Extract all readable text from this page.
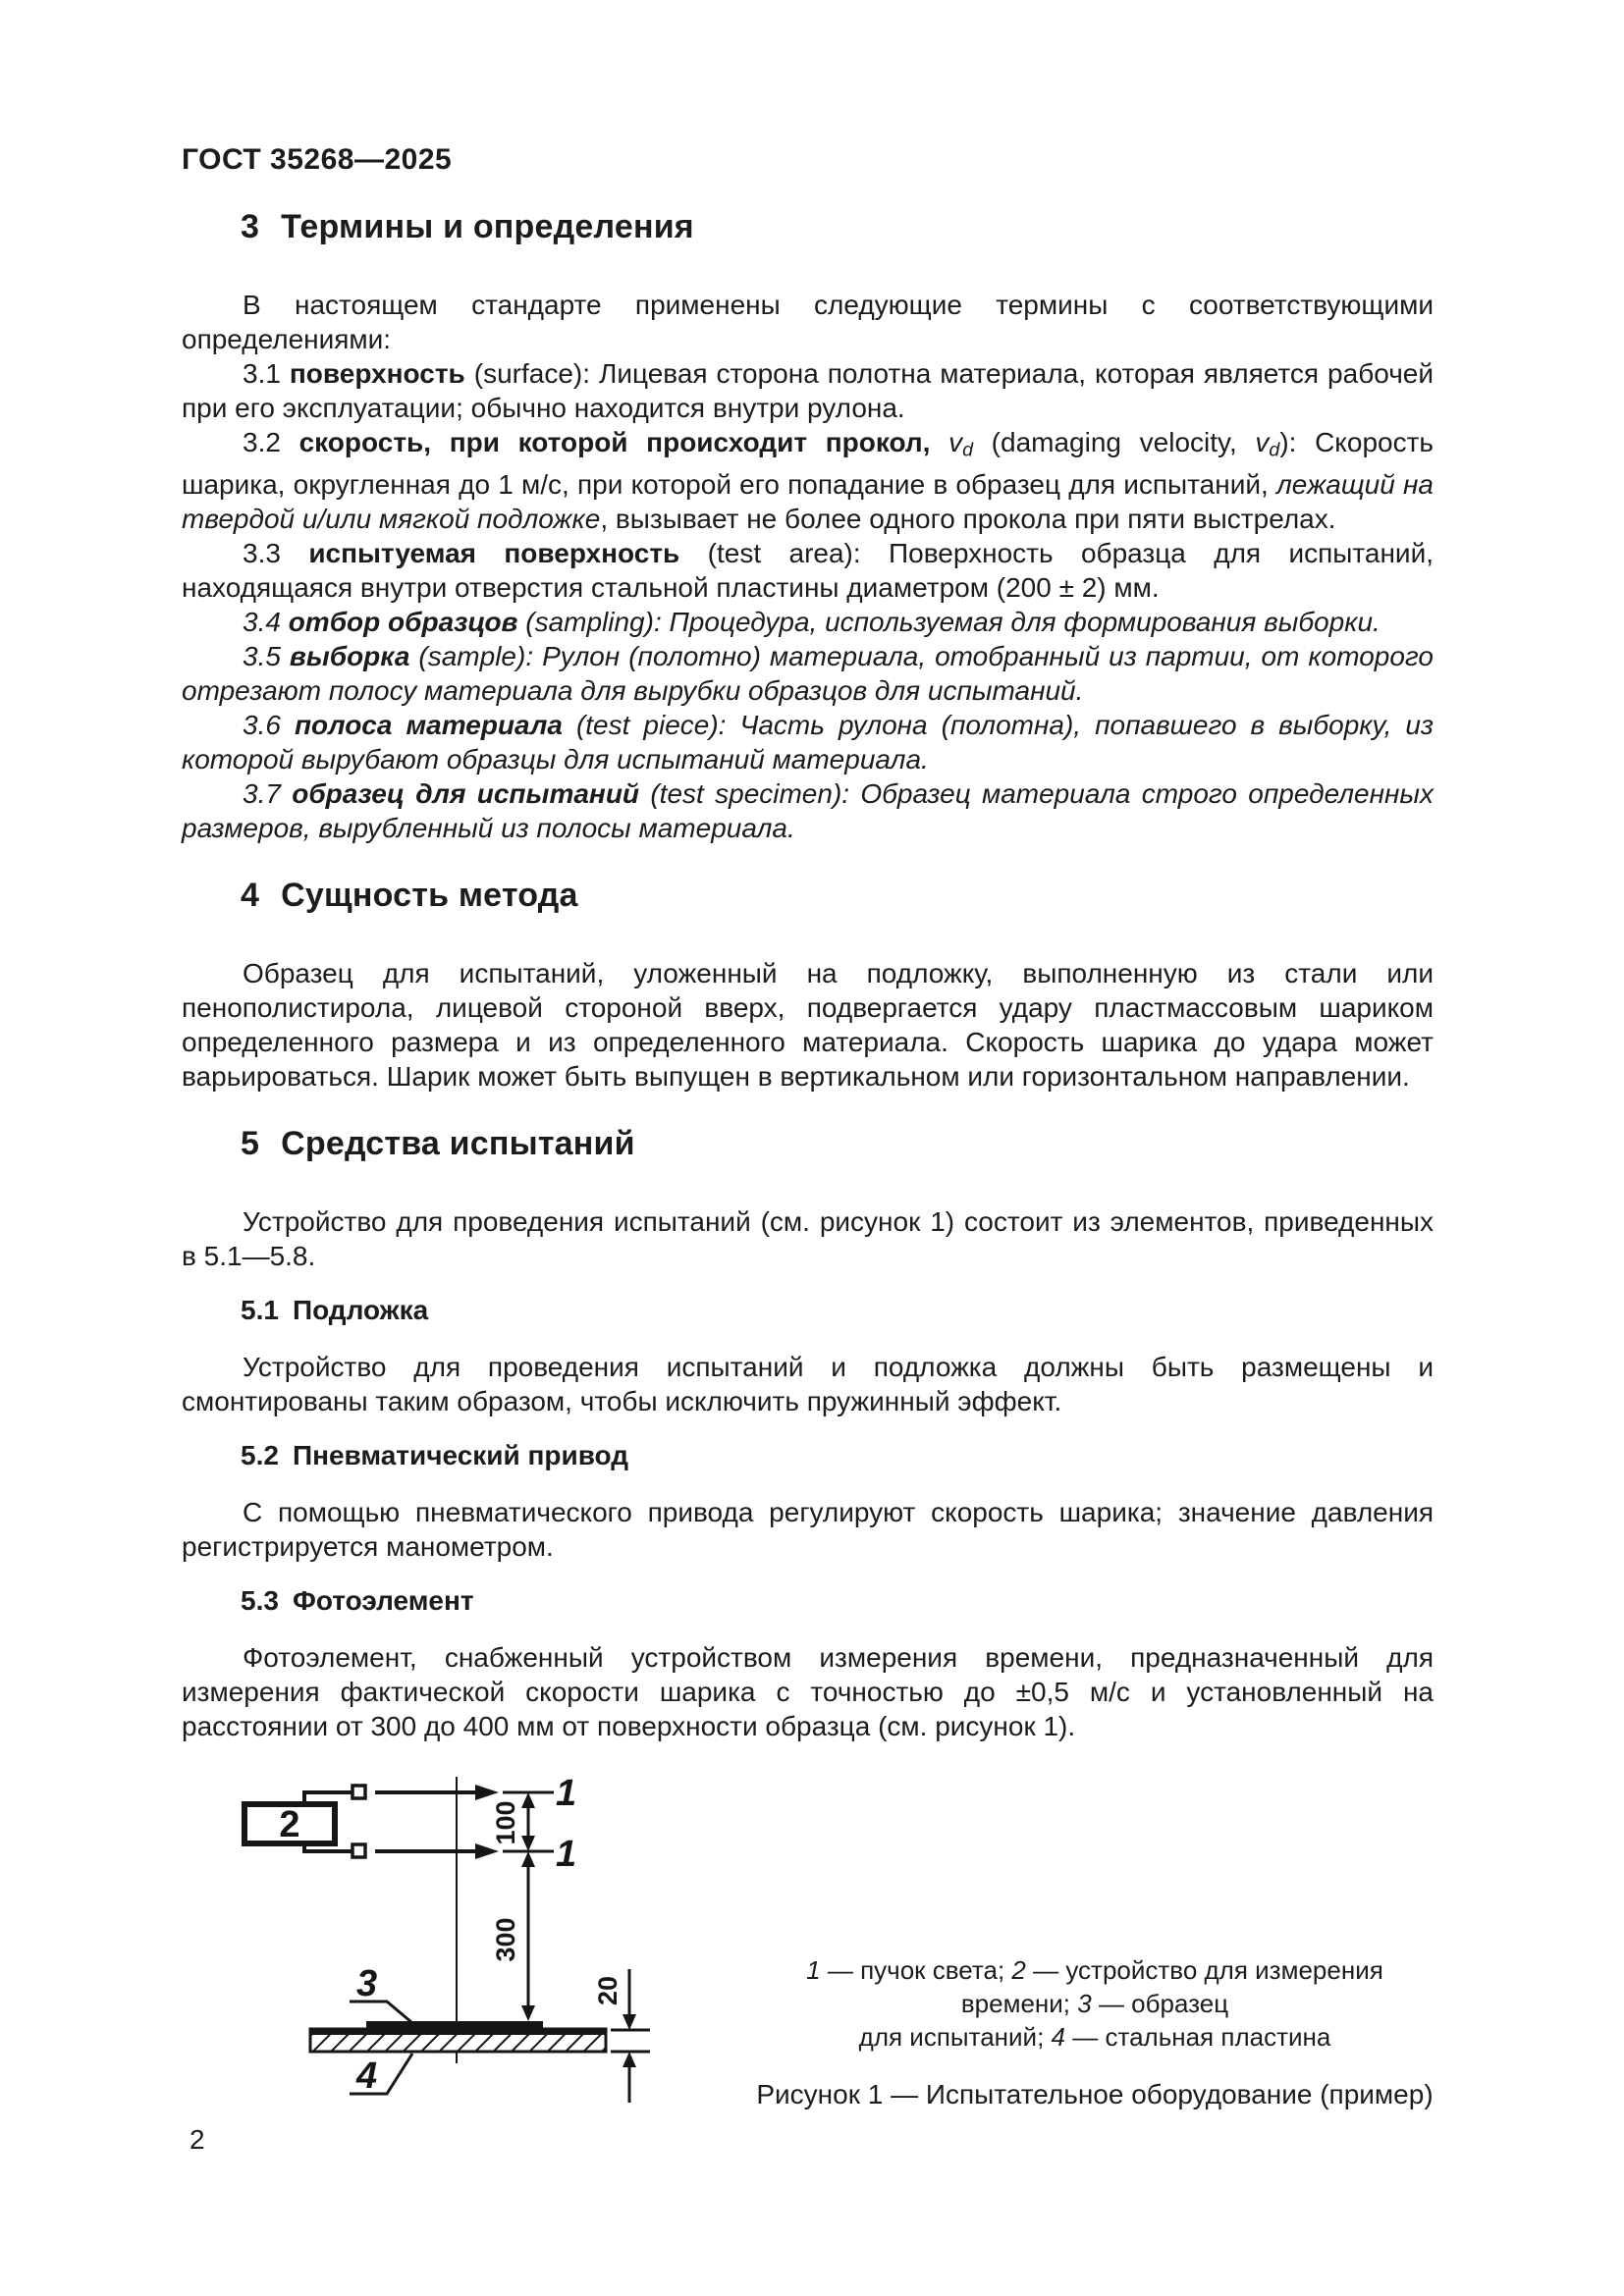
ГОСТ 35268—2025
3 Термины и определения

В настоящем стандарте применены следующие термины с соответствующими определениями:

3.1 поверхность (surface): Лицевая сторона полотна материала, которая является рабочей при его эксплуатации; обычно находится внутри рулона.

3.2 скорость, при которой происходит прокол, vd (damaging velocity, vd): Скорость шарика, округленная до 1 м/с, при которой его попадание в образец для испытаний, лежащий на твердой и/или мягкой подложке, вызывает не более одного прокола при пяти выстрелах.

3.3 испытуемая поверхность (test area): Поверхность образца для испытаний, находящаяся внутри отверстия стальной пластины диаметром (200 ± 2) мм.

3.4 отбор образцов (sampling): Процедура, используемая для формирования выборки.

3.5 выборка (sample): Рулон (полотно) материала, отобранный из партии, от которого отрезают полосу материала для вырубки образцов для испытаний.

3.6 полоса материала (test piece): Часть рулона (полотна), попавшего в выборку, из которой вырубают образцы для испытаний материала.

3.7 образец для испытаний (test specimen): Образец материала строго определенных размеров, вырубленный из полосы материала.

4 Сущность метода

Образец для испытаний, уложенный на подложку, выполненную из стали или пенополистирола, лицевой стороной вверх, подвергается удару пластмассовым шариком определенного размера и из определенного материала. Скорость шарика до удара может варьироваться. Шарик может быть выпущен в вертикальном или горизонтальном направлении.

5 Средства испытаний

Устройство для проведения испытаний (см. рисунок 1) состоит из элементов, приведенных в 5.1—5.8.

5.1 Подложка

Устройство для проведения испытаний и подложка должны быть размещены и смонтированы таким образом, чтобы исключить пружинный эффект.

5.2 Пневматический привод

С помощью пневматического привода регулируют скорость шарика; значение давления регистрируется манометром.

5.3 Фотоэлемент

Фотоэлемент, снабженный устройством измерения времени, предназначенный для измерения фактической скорости шарика с точностью до ±0,5 м/с и установленный на расстоянии от 300 до 400 мм от поверхности образца (см. рисунок 1).

2
1
1
100
300
3
4
20
1 — пучок света; 2 — устройство для измерения времени; 3 — образец
для испытаний; 4 — стальная пластина
Рисунок 1 — Испытательное оборудование (пример)
2
